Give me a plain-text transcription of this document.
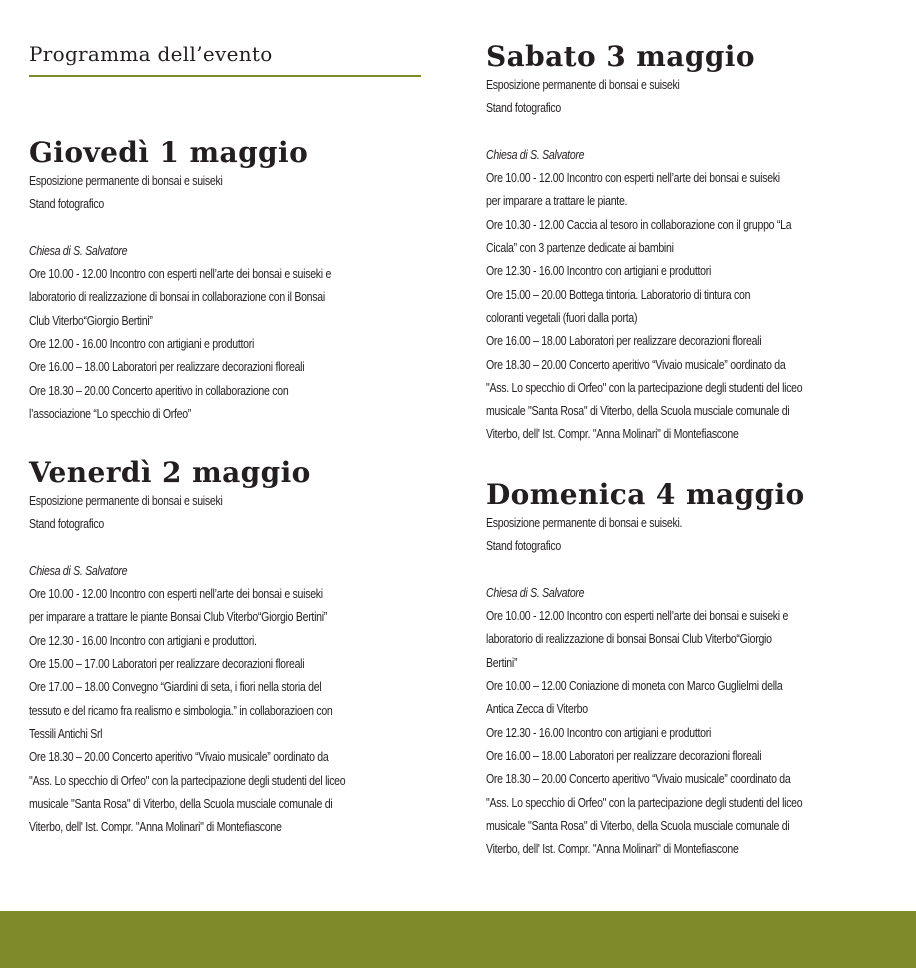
Programma dell’evento
Giovedì 1 maggio
Esposizione permanente di bonsai e suiseki
Stand fotografico
Chiesa di S. Salvatore
Ore 10.00 - 12.00 Incontro con esperti nell’arte dei bonsai e suiseki e
laboratorio di realizzazione di bonsai in collaborazione con il Bonsai
Club Viterbo“Giorgio Bertini”
Ore 12.00 - 16.00 Incontro con artigiani e produttori
Ore 16.00 – 18.00 Laboratori per realizzare decorazioni floreali
Ore 18.30 – 20.00 Concerto aperitivo in collaborazione con
l’associazione “Lo specchio di Orfeo”
Venerdì 2 maggio
Esposizione permanente di bonsai e suiseki
Stand fotografico
Chiesa di S. Salvatore
Ore 10.00 - 12.00 Incontro con esperti nell’arte dei bonsai e suiseki
per imparare a trattare le piante Bonsai Club Viterbo“Giorgio Bertini”
Ore 12.30 - 16.00 Incontro con artigiani e produttori.
Ore 15.00 – 17.00 Laboratori per realizzare decorazioni floreali
Ore 17.00 – 18.00 Convegno “Giardini di seta, i fiori nella storia del
tessuto e del ricamo fra realismo e simbologia.” in collaborazioen con
Tessili Antichi Srl
Ore 18.30 – 20.00 Concerto aperitivo “Vivaio musicale” oordinato da
"Ass. Lo specchio di Orfeo" con la partecipazione degli studenti del liceo
musicale "Santa Rosa" di Viterbo, della Scuola musciale comunale di
Viterbo, dell' Ist. Compr. "Anna Molinari" di Montefiascone
Sabato 3 maggio
Esposizione permanente di bonsai e suiseki
Stand fotografico
Chiesa di S. Salvatore
Ore 10.00 - 12.00 Incontro con esperti nell’arte dei bonsai e suiseki
per imparare a trattare le piante.
Ore 10.30 - 12.00 Caccia al tesoro in collaborazione con il gruppo “La
Cicala” con 3 partenze dedicate ai bambini
Ore 12.30 - 16.00 Incontro con artigiani e produttori
Ore 15.00 – 20.00 Bottega tintoria. Laboratorio di tintura con
coloranti vegetali (fuori dalla porta)
Ore 16.00 – 18.00 Laboratori per realizzare decorazioni floreali
Ore 18.30 – 20.00 Concerto aperitivo “Vivaio musicale” oordinato da
"Ass. Lo specchio di Orfeo" con la partecipazione degli studenti del liceo
musicale "Santa Rosa" di Viterbo, della Scuola musciale comunale di
Viterbo, dell' Ist. Compr. "Anna Molinari" di Montefiascone
Domenica 4 maggio
Esposizione permanente di bonsai e suiseki.
Stand fotografico
Chiesa di S. Salvatore
Ore 10.00 - 12.00 Incontro con esperti nell’arte dei bonsai e suiseki e
laboratorio di realizzazione di bonsai Bonsai Club Viterbo“Giorgio
Bertini”
Ore 10.00 – 12.00 Coniazione di moneta con Marco Guglielmi della
Antica Zecca di Viterbo
Ore 12.30 - 16.00 Incontro con artigiani e produttori
Ore 16.00 – 18.00 Laboratori per realizzare decorazioni floreali
Ore 18.30 – 20.00 Concerto aperitivo “Vivaio musicale” coordinato da
"Ass. Lo specchio di Orfeo" con la partecipazione degli studenti del liceo
musicale "Santa Rosa" di Viterbo, della Scuola musciale comunale di
Viterbo, dell' Ist. Compr. "Anna Molinari" di Montefiascone
